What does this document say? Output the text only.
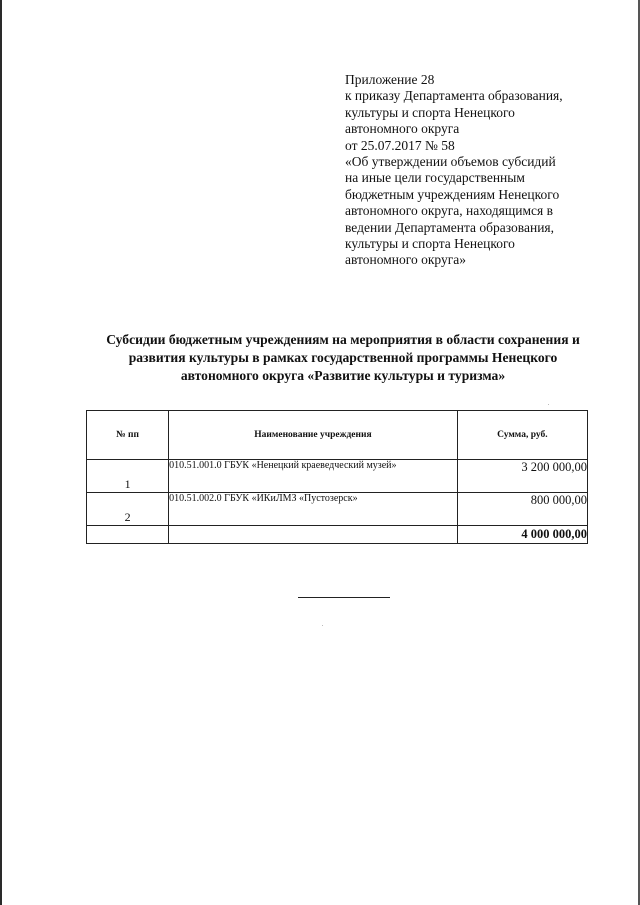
Приложение 28
к приказу Департамента образования,
культуры и спорта Ненецкого
автономного округа
от 25.07.2017 № 58
«Об утверждении объемов субсидий
на иные цели государственным
бюджетным учреждениям Ненецкого
автономного округа, находящимся в
ведении Департамента образования,
культуры и спорта Ненецкого
автономного округа»
Субсидии бюджетным учреждениям на мероприятия в области сохранения и
развития культуры в рамках государственной программы Ненецкого
автономного округа «Развитие культуры и туризма»
№ пп	Наименование учреждения	Сумма, руб.
1	010.51.001.0 ГБУК «Ненецкий краеведческий музей»	3 200 000,00
2	010.51.002.0 ГБУК «ИКиЛМЗ «Пустозерск»	800 000,00
		4 000 000,00
